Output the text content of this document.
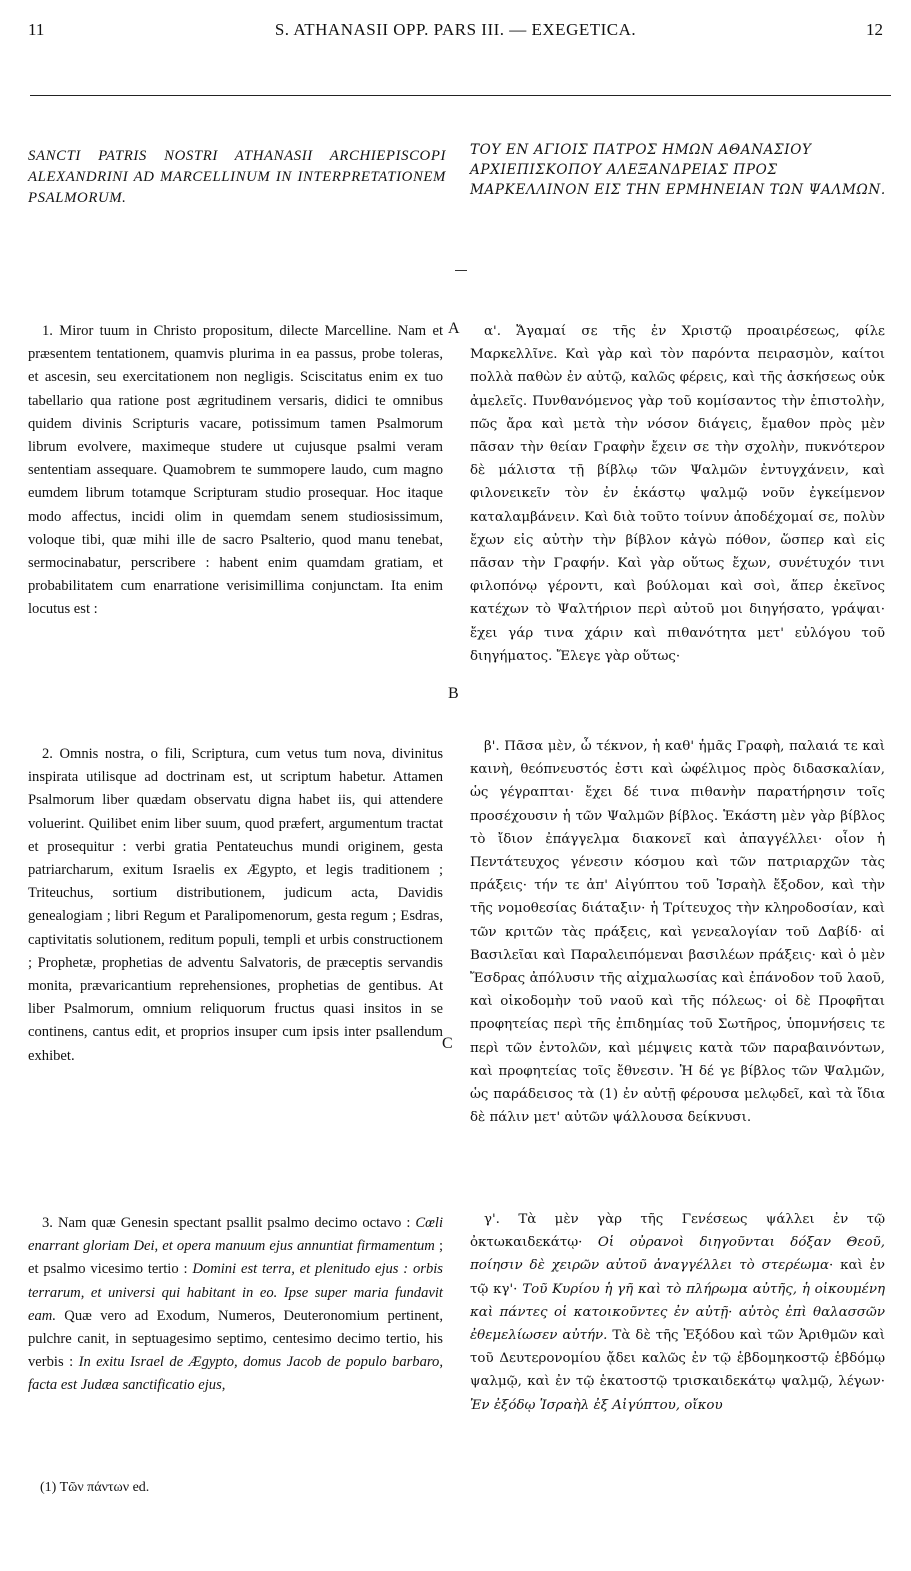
11	S. ATHANASII OPP. PARS III. — EXEGETICA.	12
SANCTI PATRIS NOSTRI ATHANASII ARCHIEPISCOPI ALEXANDRINI AD MARCELLINUM IN INTERPRETATIONEM PSALMORUM.
ΤΟΥ ΕΝ ΑΓΙΟΙΣ ΠΑΤΡΟΣ ΗΜΩΝ ΑΘΑΝΑΣΙΟΥ ΑΡΧΙΕΠΙΣΚΟΠΟΥ ΑΛΕΞΑΝΔΡΕΙΑΣ ΠΡΟΣ ΜΑΡΚΕΛΛΙΝΟΝ ΕΙΣ ΤΗΝ ΕΡΜΗΝΕΙΑΝ ΤΩΝ ΨΑΛΜΩΝ.

1. Miror tuum in Christo propositum, dilecte Marcelline. Nam et præsentem tentationem, quamvis plurima in ea passus, probe toleras, et ascesin, seu exercitationem non negligis. Sciscitatus enim ex tuo tabellario qua ratione post ægritudinem versaris, didici te omnibus quidem divinis Scripturis vacare, potissimum tamen Psalmorum librum evolvere, maximeque studere ut cujusque psalmi veram sententiam assequare. Quamobrem te summopere laudo, cum magno eumdem librum totamque Scripturam studio prosequar. Hoc itaque modo affectus, incidi olim in quemdam senem studiosissimum, voloque tibi, quæ mihi ille de sacro Psalterio, quod manu tenebat, sermocinabatur, perscribere : habent enim quamdam gratiam, et probabilitatem cum enarratione verisimillima conjunctam. Ita enim locutus est :

2. Omnis nostra, o fili, Scriptura, cum vetus tum nova, divinitus inspirata utilisque ad doctrinam est, ut scriptum habetur. Attamen Psalmorum liber quædam observatu digna habet iis, qui attendere voluerint. Quilibet enim liber suum, quod præfert, argumentum tractat et prosequitur : verbi gratia Pentateuchus mundi originem, gesta patriarcharum, exitum Israelis ex Ægypto, et legis traditionem ; Triteuchus, sortium distributionem, judicum acta, Davidis genealogiam ; libri Regum et Paralipomenorum, gesta regum ; Esdras, captivitatis solutionem, reditum populi, templi et urbis constructionem ; Prophetæ, prophetias de adventu Salvatoris, de præceptis servandis monita, prævaricantium reprehensiones, prophetias de gentibus. At liber Psalmorum, omnium reliquorum fructus quasi insitos in se continens, cantus edit, et proprios insuper cum ipsis inter psallendum exhibet.

3. Nam quæ Genesin spectant psallit psalmo decimo octavo : Cœli enarrant gloriam Dei, et opera manuum ejus annuntiat firmamentum ; et psalmo vicesimo tertio : Domini est terra, et plenitudo ejus : orbis terrarum, et universi qui habitant in eo. Ipse super maria fundavit eam. Quæ vero ad Exodum, Numeros, Deuteronomium pertinent, pulchre canit, in septuagesimo septimo, centesimo decimo tertio, his verbis : In exitu Israel de Ægypto, domus Jacob de populo barbaro, facta est Judæa sanctificatio ejus,

A
B
C

α'. Ἄγαμαί σε τῆς ἐν Χριστῷ προαιρέσεως, φίλε Μαρκελλῖνε. Καὶ γὰρ καὶ τὸν παρόντα πειρασμὸν, καίτοι πολλὰ παθὼν ἐν αὐτῷ, καλῶς φέρεις, καὶ τῆς ἀσκήσεως οὐκ ἀμελεῖς. Πυνθανόμενος γὰρ τοῦ κομίσαντος τὴν ἐπιστολὴν, πῶς ἄρα καὶ μετὰ τὴν νόσον διάγεις, ἔμαθον πρὸς μὲν πᾶσαν τὴν θείαν Γραφὴν ἔχειν σε τὴν σχολὴν, πυκνότερον δὲ μάλιστα τῇ βίβλῳ τῶν Ψαλμῶν ἐντυγχάνειν, καὶ φιλονεικεῖν τὸν ἐν ἑκάστῳ ψαλμῷ νοῦν ἐγκείμενον καταλαμβάνειν. Καὶ διὰ τοῦτο τοίνυν ἀποδέχομαί σε, πολὺν ἔχων εἰς αὐτὴν τὴν βίβλον κἀγὼ πόθον, ὥσπερ καὶ εἰς πᾶσαν τὴν Γραφήν. Καὶ γὰρ οὕτως ἔχων, συνέτυχόν τινι φιλοπόνῳ γέροντι, καὶ βούλομαι καὶ σοὶ, ἅπερ ἐκεῖνος κατέχων τὸ Ψαλτήριον περὶ αὐτοῦ μοι διηγήσατο, γράψαι· ἔχει γάρ τινα χάριν καὶ πιθανότητα μετ' εὐλόγου τοῦ διηγήματος. Ἔλεγε γὰρ οὕτως·

β'. Πᾶσα μὲν, ὦ τέκνον, ἡ καθ' ἡμᾶς Γραφὴ, παλαιά τε καὶ καινὴ, θεόπνευστός ἐστι καὶ ὠφέλιμος πρὸς διδασκαλίαν, ὡς γέγραπται· ἔχει δέ τινα πιθανὴν παρατήρησιν τοῖς προσέχουσιν ἡ τῶν Ψαλμῶν βίβλος. Ἑκάστη μὲν γὰρ βίβλος τὸ ἴδιον ἐπάγγελμα διακονεῖ καὶ ἀπαγγέλλει· οἷον ἡ Πεντάτευχος γένεσιν κόσμου καὶ τῶν πατριαρχῶν τὰς πράξεις· τήν τε ἀπ' Αἰγύπτου τοῦ Ἰσραὴλ ἔξοδον, καὶ τὴν τῆς νομοθεσίας διάταξιν· ἡ Τρίτευχος τὴν κληροδοσίαν, καὶ τῶν κριτῶν τὰς πράξεις, καὶ γενεαλογίαν τοῦ Δαβίδ· αἱ Βασιλεῖαι καὶ Παραλειπόμεναι βασιλέων πράξεις· καὶ ὁ μὲν Ἔσδρας ἀπόλυσιν τῆς αἰχμαλωσίας καὶ ἐπάνοδον τοῦ λαοῦ, καὶ οἰκοδομὴν τοῦ ναοῦ καὶ τῆς πόλεως· οἱ δὲ Προφῆται προφητείας περὶ τῆς ἐπιδημίας τοῦ Σωτῆρος, ὑπομνήσεις τε περὶ τῶν ἐντολῶν, καὶ μέμψεις κατὰ τῶν παραβαινόντων, καὶ προφητείας τοῖς ἔθνεσιν. Ἡ δέ γε βίβλος τῶν Ψαλμῶν, ὡς παράδεισος τὰ (1) ἐν αὐτῇ φέρουσα μελῳδεῖ, καὶ τὰ ἴδια δὲ πάλιν μετ' αὐτῶν ψάλλουσα δείκνυσι.

γ'. Τὰ μὲν γὰρ τῆς Γενέσεως ψάλλει ἐν τῷ ὀκτωκαιδεκάτῳ· Οἱ οὐρανοὶ διηγοῦνται δόξαν Θεοῦ, ποίησιν δὲ χειρῶν αὐτοῦ ἀναγγέλλει τὸ στερέωμα· καὶ ἐν τῷ κγ'· Τοῦ Κυρίου ἡ γῆ καὶ τὸ πλήρωμα αὐτῆς, ἡ οἰκουμένη καὶ πάντες οἱ κατοικοῦντες ἐν αὐτῇ· αὐτὸς ἐπὶ θαλασσῶν ἐθεμελίωσεν αὐτήν. Τὰ δὲ τῆς Ἐξόδου καὶ τῶν Ἀριθμῶν καὶ τοῦ Δευτερονομίου ᾄδει καλῶς ἐν τῷ ἑβδομηκοστῷ ἑβδόμῳ ψαλμῷ, καὶ ἐν τῷ ἑκατοστῷ τρισκαιδεκάτῳ ψαλμῷ, λέγων· Ἐν ἐξόδῳ Ἰσραὴλ ἐξ Αἰγύπτου, οἴκου

(1) Τῶν πάντων ed.
